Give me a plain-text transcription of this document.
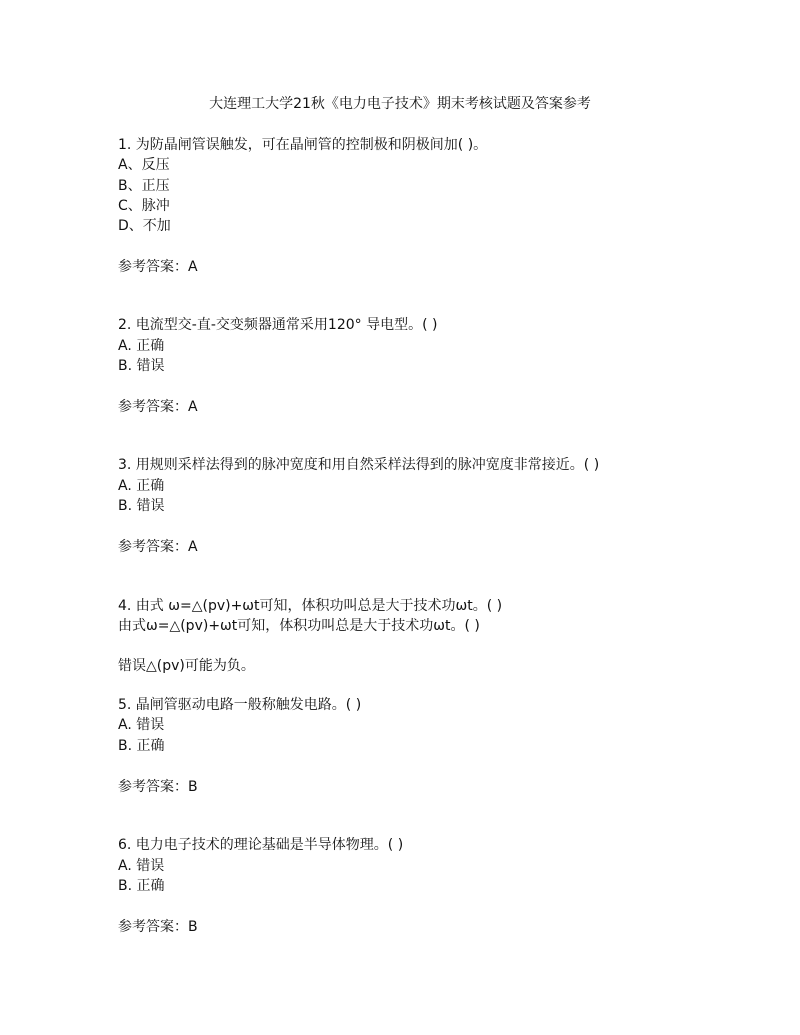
大连理工大学21秋《电力电子技术》期末考核试题及答案参考
1. 为防晶闸管误触发，可在晶闸管的控制极和阴极间加( )。
A、反压
B、正压
C、脉冲
D、不加
参考答案：A
2. 电流型交-直-交变频器通常采用120° 导电型。( )
A. 正确
B. 错误
参考答案：A
3. 用规则采样法得到的脉冲宽度和用自然采样法得到的脉冲宽度非常接近。( )
A. 正确
B. 错误
参考答案：A
4. 由式 ω=△(pv)+ωt可知，体积功叫总是大于技术功ωt。( )
由式ω=△(pv)+ωt可知，体积功叫总是大于技术功ωt。( )
错误△(pv)可能为负。
5. 晶闸管驱动电路一般称触发电路。( )
A. 错误
B. 正确
参考答案：B
6. 电力电子技术的理论基础是半导体物理。( )
A. 错误
B. 正确
参考答案：B
